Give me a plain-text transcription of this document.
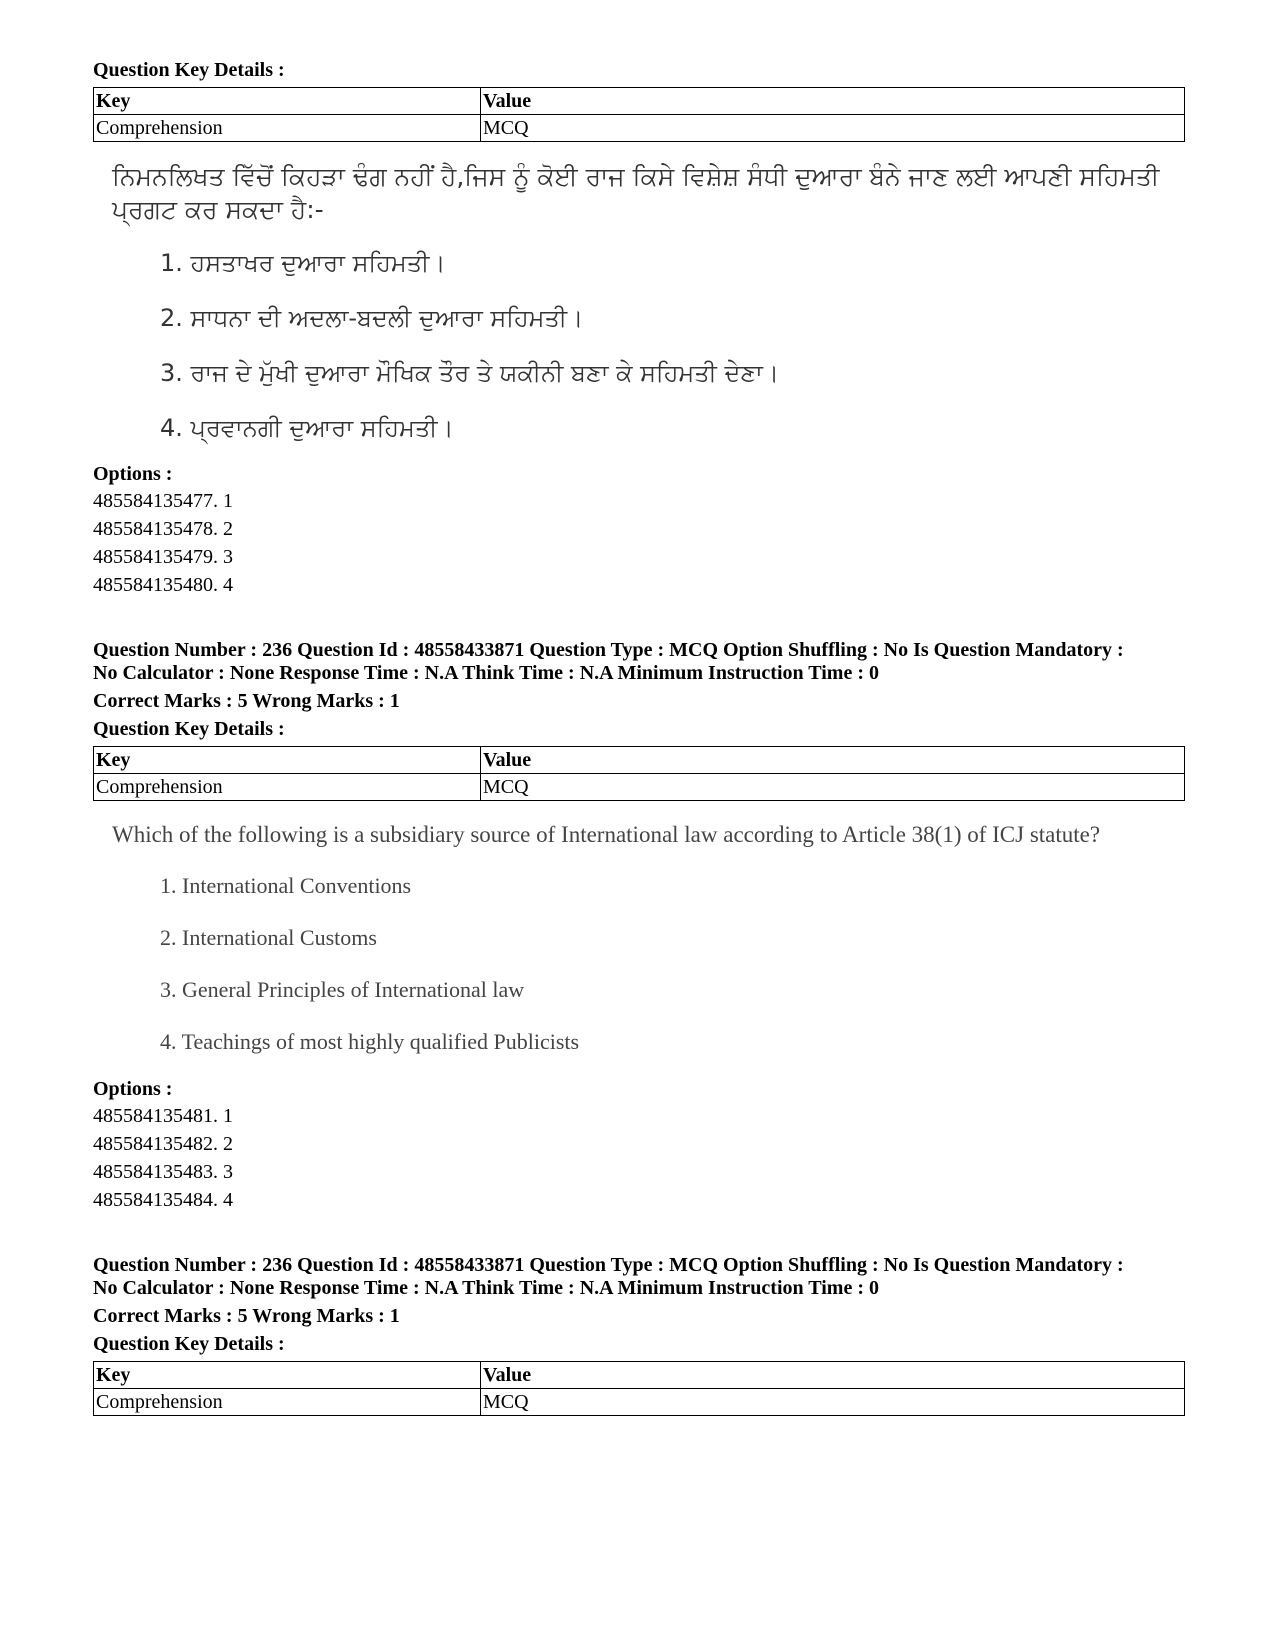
Question Key Details :
Key	Value
Comprehension	MCQ
ਨਿਮਨਲਿਖਤ ਵਿੱਚੋਂ ਕਿਹੜਾ ਢੰਗ ਨਹੀਂ ਹੈ,ਜਿਸ ਨੂੰ ਕੋਈ ਰਾਜ ਕਿਸੇ ਵਿਸ਼ੇਸ਼ ਸੰਧੀ ਦੁਆਰਾ ਬੰਨੇ ਜਾਣ ਲਈ ਆਪਣੀ ਸਹਿਮਤੀ ਪ੍ਰਗਟ ਕਰ ਸਕਦਾ ਹੈ:-
1. ਹਸਤਾਖਰ ਦੁਆਰਾ ਸਹਿਮਤੀ।
2. ਸਾਧਨਾ ਦੀ ਅਦਲਾ-ਬਦਲੀ ਦੁਆਰਾ ਸਹਿਮਤੀ।
3. ਰਾਜ ਦੇ ਮੁੱਖੀ ਦੁਆਰਾ ਮੌਖਿਕ ਤੌਰ ਤੇ ਯਕੀਨੀ ਬਣਾ ਕੇ ਸਹਿਮਤੀ ਦੇਣਾ।
4. ਪ੍ਰਵਾਨਗੀ ਦੁਆਰਾ ਸਹਿਮਤੀ।
Options :
485584135477. 1
485584135478. 2
485584135479. 3
485584135480. 4

Question Number : 236 Question Id : 48558433871 Question Type : MCQ Option Shuffling : No Is Question Mandatory :

No Calculator : None Response Time : N.A Think Time : N.A Minimum Instruction Time : 0

Correct Marks : 5 Wrong Marks : 1
Question Key Details :
Key	Value
Comprehension	MCQ
Which of the following is a subsidiary source of International law according to Article 38(1) of ICJ statute?
1. International Conventions
2. International Customs
3. General Principles of International law
4. Teachings of most highly qualified Publicists
Options :
485584135481. 1
485584135482. 2
485584135483. 3
485584135484. 4

Question Number : 236 Question Id : 48558433871 Question Type : MCQ Option Shuffling : No Is Question Mandatory :

No Calculator : None Response Time : N.A Think Time : N.A Minimum Instruction Time : 0

Correct Marks : 5 Wrong Marks : 1
Question Key Details :
Key	Value
Comprehension	MCQ
